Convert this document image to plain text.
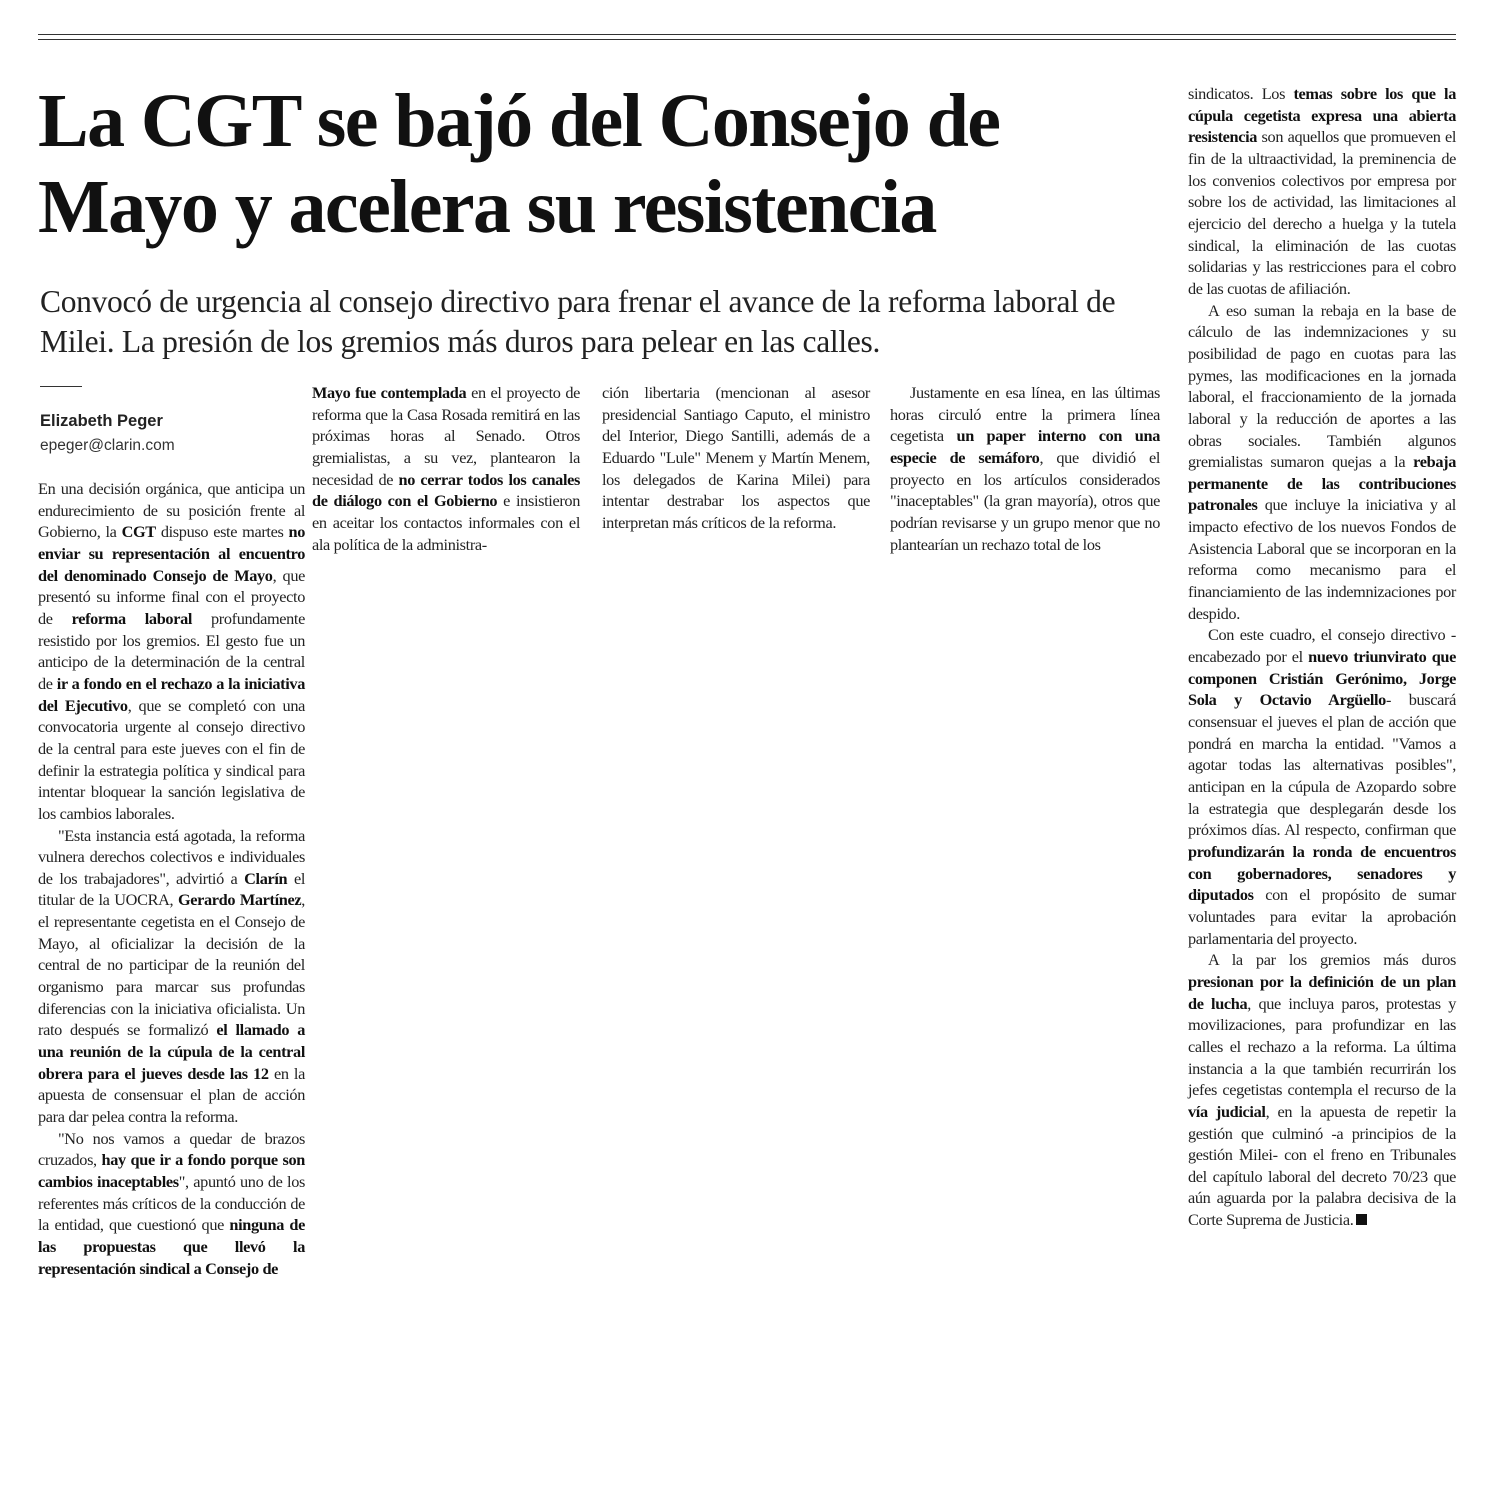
La CGT se bajó del Consejo de Mayo y acelera su resistencia
Convocó de urgencia al consejo directivo para frenar el avance de la reforma laboral de Milei. La presión de los gremios más duros para pelear en las calles.
Elizabeth Peger
epeger@clarin.com

En una decisión orgánica, que anticipa un endurecimiento de su posición frente al Gobierno, la CGT dispuso este martes no enviar su representación al encuentro del denominado Consejo de Mayo, que presentó su informe final con el proyecto de reforma laboral profundamente resistido por los gremios. El gesto fue un anticipo de la determinación de la central de ir a fondo en el rechazo a la iniciativa del Ejecutivo, que se completó con una convocatoria urgente al consejo directivo de la central para este jueves con el fin de definir la estrategia política y sindical para intentar bloquear la sanción legislativa de los cambios laborales.

"Esta instancia está agotada, la reforma vulnera derechos colectivos e individuales de los trabajadores", advirtió a Clarín el titular de la UOCRA, Gerardo Martínez, el representante cegetista en el Consejo de Mayo, al oficializar la decisión de la central de no participar de la reunión del organismo para marcar sus profundas diferencias con la iniciativa oficialista. Un rato después se formalizó el llamado a una reunión de la cúpula de la central obrera para el jueves desde las 12 en la apuesta de consensuar el plan de acción para dar pelea contra la reforma.

"No nos vamos a quedar de brazos cruzados, hay que ir a fondo porque son cambios inaceptables", apuntó uno de los referentes más críticos de la conducción de la entidad, que cuestionó que ninguna de las propuestas que llevó la representación sindical a Consejo de

Mayo fue contemplada en el proyecto de reforma que la Casa Rosada remitirá en las próximas horas al Senado. Otros gremialistas, a su vez, plantearon la necesidad de no cerrar todos los canales de diálogo con el Gobierno e insistieron en aceitar los contactos informales con el ala política de la administra-

ción libertaria (mencionan al asesor presidencial Santiago Caputo, el ministro del Interior, Diego Santilli, además de a Eduardo "Lule" Menem y Martín Menem, los delegados de Karina Milei) para intentar destrabar los aspectos que interpretan más críticos de la reforma.

Justamente en esa línea, en las últimas horas circuló entre la primera línea cegetista un paper interno con una especie de semáforo, que dividió el proyecto en los artículos considerados "inaceptables" (la gran mayoría), otros que podrían revisarse y un grupo menor que no plantearían un rechazo total de los

sindicatos. Los temas sobre los que la cúpula cegetista expresa una abierta resistencia son aquellos que promueven el fin de la ultraactividad, la preminencia de los convenios colectivos por empresa por sobre los de actividad, las limitaciones al ejercicio del derecho a huelga y la tutela sindical, la eliminación de las cuotas solidarias y las restricciones para el cobro de las cuotas de afiliación.

A eso suman la rebaja en la base de cálculo de las indemnizaciones y su posibilidad de pago en cuotas para las pymes, las modificaciones en la jornada laboral, el fraccionamiento de la jornada laboral y la reducción de aportes a las obras sociales. También algunos gremialistas sumaron quejas a la rebaja permanente de las contribuciones patronales que incluye la iniciativa y al impacto efectivo de los nuevos Fondos de Asistencia Laboral que se incorporan en la reforma como mecanismo para el financiamiento de las indemnizaciones por despido.

Con este cuadro, el consejo directivo -encabezado por el nuevo triunvirato que componen Cristián Gerónimo, Jorge Sola y Octavio Argüello- buscará consensuar el jueves el plan de acción que pondrá en marcha la entidad. "Vamos a agotar todas las alternativas posibles", anticipan en la cúpula de Azopardo sobre la estrategia que desplegarán desde los próximos días. Al respecto, confirman que profundizarán la ronda de encuentros con gobernadores, senadores y diputados con el propósito de sumar voluntades para evitar la aprobación parlamentaria del proyecto.

A la par los gremios más duros presionan por la definición de un plan de lucha, que incluya paros, protestas y movilizaciones, para profundizar en las calles el rechazo a la reforma. La última instancia a la que también recurrirán los jefes cegetistas contempla el recurso de la vía judicial, en la apuesta de repetir la gestión que culminó -a principios de la gestión Milei- con el freno en Tribunales del capítulo laboral del decreto 70/23 que aún aguarda por la palabra decisiva de la Corte Suprema de Justicia.
